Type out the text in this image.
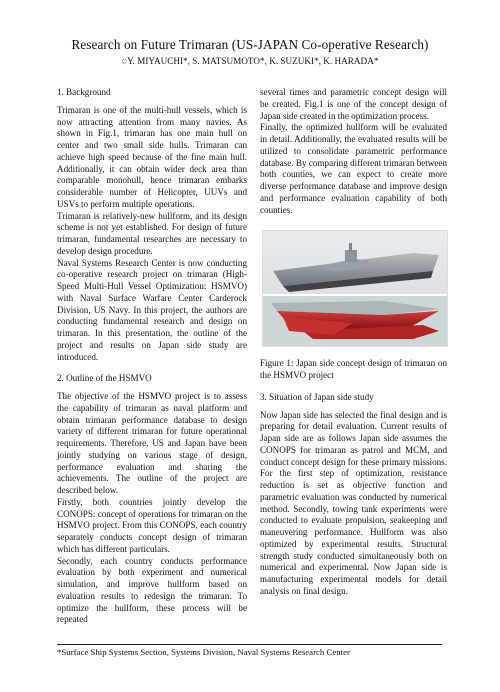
Research on Future Trimaran (US-JAPAN Co-operative Research)
○Y. MIYAUCHI*, S. MATSUMOTO*, K. SUZUKI*, K. HARADA*
1. Background

Trimaran is one of the multi-hull vessels, which is now attracting attention from many navies. As shown in Fig.1, trimaran has one main hull on center and two small side hulls. Trimaran can achieve high speed because of the fine main hull. Additionally, it can obtain wider deck area than comparable monohull, hence trimaran embarks considerable number of Helicopter, UUVs and USVs to perform multiple operations.

Trimaran is relatively-new hullform, and its design scheme is not yet established. For design of future trimaran, fundamental researches are necessary to develop design procedure.

Naval Systems Research Center is now conducting co-operative research project on trimaran (High-Speed Multi-Hull Vessel Optimization: HSMVO) with Naval Surface Warfare Center Carderock Division, US Navy. In this project, the authors are conducting fundamental research and design on trimaran. In this presentation, the outline of the project and results on Japan side study are introduced.

2. Outline of the HSMVO

The objective of the HSMVO project is to assess the capability of trimaran as naval platform and obtain trimaran performance database to design variety of different trimaran for future operational requirements. Therefore, US and Japan have been jointly studying on various stage of design, performance evaluation and sharing the achievements. The outline of the project are described below.

Firstly, both countries jointly develop the CONOPS: concept of operations for trimaran on the HSMVO project. From this CONOPS, each country separately conducts concept design of trimaran which has different particulars.

Secondly, each country conducts performance evaluation by both experiment and numerical simulation, and improve hullform based on evaluation results to redesign the trimaran. To optimize the hullform, these process will be repeated

several times and parametric concept design will be created. Fig.1 is one of the concept design of Japan side created in the optimization process.

Finally, the optimized hullform will be evaluated in detail. Additionally, the evaluated results will be utilized to consolidate parametric performance database. By comparing different trimaran between both counties, we can expect to create more diverse performance database and improve design and performance evaluation capability of both counties.

Figure 1: Japan side concept design of trimaran on the HSMVO project
3. Situation of Japan side study

Now Japan side has selected the final design and is preparing for detail evaluation. Current results of Japan side are as follows Japan side assumes the CONOPS for trimaran as patrol and MCM, and conduct concept design for these primary missions. For the first step of optimization, resistance reduction is set as objective function and parametric evaluation was conducted by numerical method. Secondly, towing tank experiments were conducted to evaluate propulsion, seakeeping and maneuvering performance. Hullform was also optimized by experimental results. Structural strength study conducted simultaneously both on numerical and experimental. Now Japan side is manufacturing experimental models for detail analysis on final design.

*Surface Ship Systems Section, Systems Division, Naval Systems Research Center
